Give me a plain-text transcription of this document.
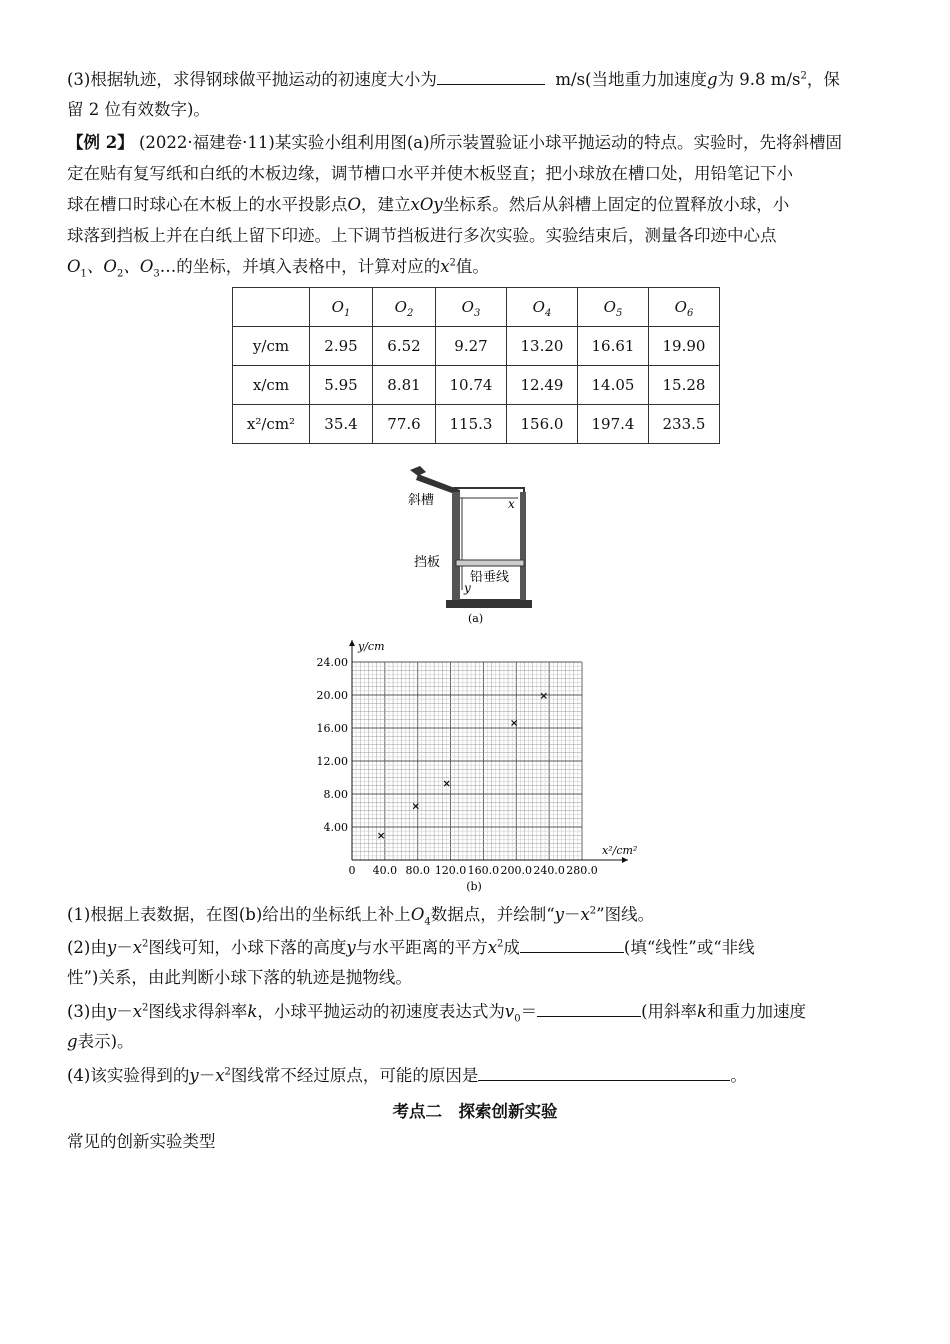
(3)根据轨迹，求得钢球做平抛运动的初速度大小为	m/s(当地重力加速度g为 9.8 $m/s^2$，保
留 2 位有效数字)。
【例 2】 (2022·福建卷·11)某实验小组利用图(a)所示装置验证小球平抛运动的特点。实验时，先将斜槽固
定在贴有复写纸和白纸的木板边缘，调节槽口水平并使木板竖直；把小球放在槽口处，用铅笔记下小
球在槽口时球心在木板上的水平投影点O，建立xOy坐标系。然后从斜槽上固定的位置释放小球，小
球落到挡板上并在白纸上留下印迹。上下调节挡板进行多次实验。实验结束后，测量各印迹中心点
$O_1$、$O_2$、$O_3\dots$的坐标，并填入表格中，计算对应的$x^2$值。
	$O_1$	$O_2$	$O_3$	$O_4$	$O_5$	$O_6$
y/cm	2.95	6.52	9.27	13.20	16.61	19.90
x/cm	5.95	8.81	10.74	12.49	14.05	15.28
x²/cm²	35.4	77.6	115.3	156.0	197.4	233.5
斜槽
挡板
铅垂线
x
y
(a)
0 40.0 80.0 120.0 160.0 200.0 240.0 280.0
4.00
8.00
12.00
16.00
20.00
24.00
x²/cm²
y/cm
(b)
(1)根据上表数据，在图(b)给出的坐标纸上补上$O_4$数据点，并绘制“$y-x^2$”图线。
(2)由$y-x^2$图线可知，小球下落的高度y与水平距离的平方$x^2$成	(填“线性”或“非线
性”)关系，由此判断小球下落的轨迹是抛物线。
(3)由$y-x^2$图线求得斜率k，小球平抛运动的初速度表达式为$v_0=$	(用斜率k和重力加速度
g表示)。
(4)该实验得到的$y-x^2$图线常不经过原点，可能的原因是	。
考点二　探索创新实验
常见的创新实验类型
